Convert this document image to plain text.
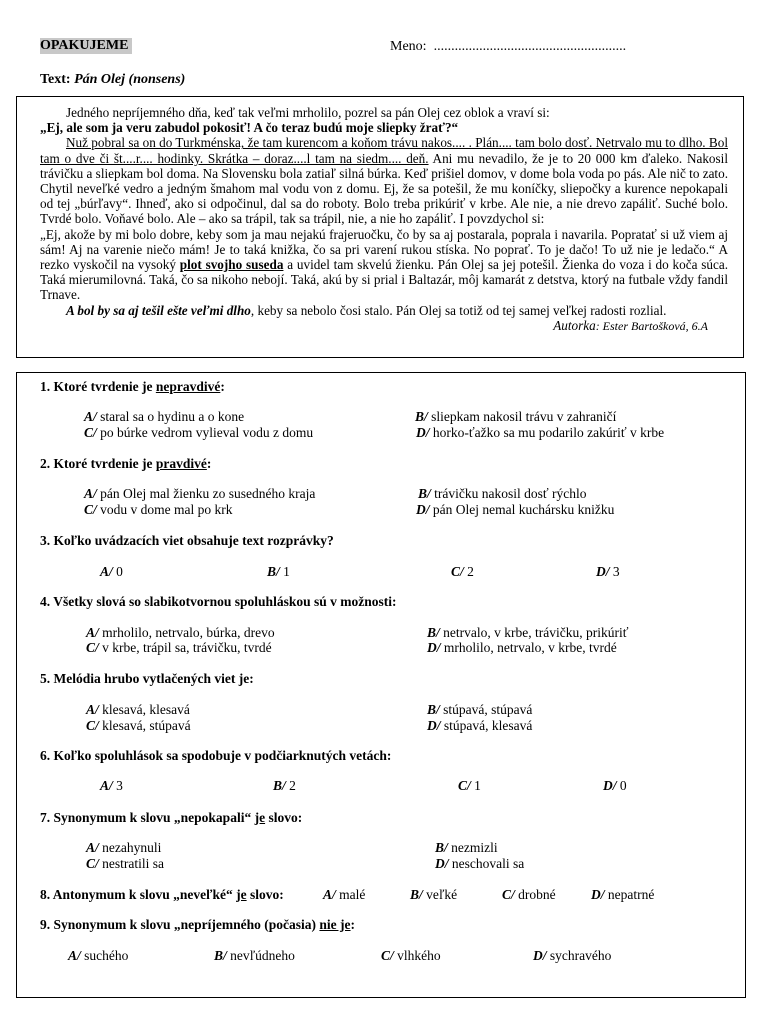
OPAKUJEME	Meno: .......................................................
Text: Pán Olej (nonsens)

Jedného nepríjemného dňa, keď tak veľmi mrholilo, pozrel sa pán Olej cez oblok a vraví si:

„Ej, ale som ja veru zabudol pokosiť! A čo teraz budú moje sliepky žrať?“

Nuž pobral sa on do Turkménska, že tam kurencom a koňom trávu nakos.... . Plán.... tam bolo dosť. Netrvalo mu to dlho. Bol tam o dve či št....r.... hodinky. Skrátka – doraz....l tam na siedm.... deň. Ani mu nevadilo, že je to 20 000 km ďaleko. Nakosil trávičku a sliepkam bol doma. Na Slovensku bola zatiaľ silná búrka. Keď prišiel domov, v dome bola voda po pás. Ale nič to zato. Chytil neveľké vedro a jedným šmahom mal vodu von z domu. Ej, že sa potešil, že mu koníčky, sliepočky a kurence nepokapali od tej „búrľavy“. Ihneď, ako si odpočinul, dal sa do roboty. Bolo treba prikúriť v krbe. Ale nie, a nie drevo zapáliť. Suché bolo. Tvrdé bolo. Voňavé bolo. Ale – ako sa trápil, tak sa trápil, nie, a nie ho zapáliť. I povzdychol si:

„Ej, akože by mi bolo dobre, keby som ja mau nejakú frajeruočku, čo by sa aj postarala, poprala i navarila. Popratať si už viem aj sám! Aj na varenie niečo mám! Je to taká knižka, čo sa pri varení rukou stíska. No poprať. To je dačo! To už nie je ledačo.“ A rezko vyskočil na vysoký plot svojho suseda a uvidel tam skvelú žienku. Pán Olej sa jej potešil. Žienka do voza i do koča súca. Taká mierumilovná. Taká, čo sa nikoho nebojí. Taká, akú by si prial i Baltazár, môj kamarát z detstva, ktorý na futbale vždy fandil Trnave.

A bol by sa aj tešil ešte veľmi dlho, keby sa nebolo čosi stalo. Pán Olej sa totiž od tej samej veľkej radosti rozlial.

Autorka: Ester Bartošková, 6.A

1. Ktoré tvrdenie je nepravdivé:
A/ staral sa o hydinu a o kone	B/ sliepkam nakosil trávu v zahraničí
C/ po búrke vedrom vylieval vodu z domu	D/ horko-ťažko sa mu podarilo zakúriť v krbe
2. Ktoré tvrdenie je pravdivé:
A/ pán Olej mal žienku zo susedného kraja	B/ trávičku nakosil dosť rýchlo
C/ vodu v dome mal po krk	D/ pán Olej nemal kuchársku knižku
3. Koľko uvádzacích viet obsahuje text rozprávky?
A/ 0	B/ 1	C/ 2	D/ 3
4. Všetky slová so slabikotvornou spoluhláskou sú v možnosti:
A/ mrholilo, netrvalo, búrka, drevo	B/ netrvalo, v krbe, trávičku, prikúriť
C/ v krbe, trápil sa, trávičku, tvrdé	D/ mrholilo, netrvalo, v krbe, tvrdé
5. Melódia hrubo vytlačených viet je:
A/ klesavá, klesavá	B/ stúpavá, stúpavá
C/ klesavá, stúpavá	D/ stúpavá, klesavá
6. Koľko spoluhlások sa spodobuje v podčiarknutých vetách:
A/ 3	B/ 2	C/ 1	D/ 0
7. Synonymum k slovu „nepokapali“ je slovo:
A/ nezahynuli	B/ nezmizli
C/ nestratili sa	D/ neschovali sa
8. Antonymum k slovu „neveľké“ je slovo:	A/ malé	B/ veľké	C/ drobné	D/ nepatrné
9. Synonymum k slovu „nepríjemného (počasia) nie je:
A/ suchého	B/ nevľúdneho	C/ vlhkého	D/ sychravého
